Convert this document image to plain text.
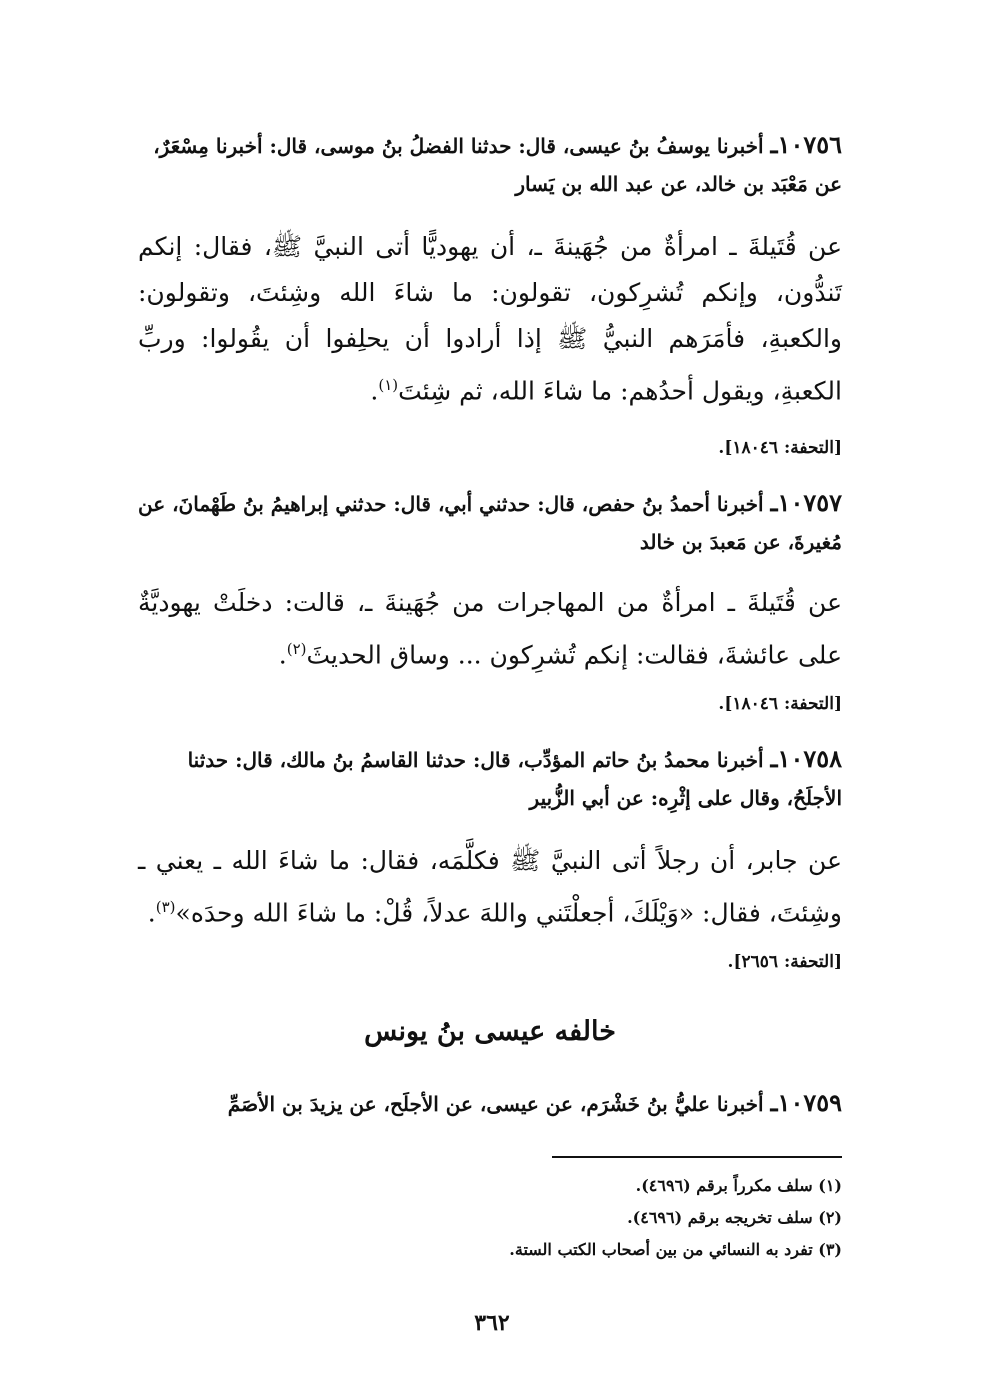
١٠٧٥٦ـ أخبرنا يوسفُ بنُ عيسى، قال: حدثنا الفضلُ بنُ موسى، قال: أخبرنا مِسْعَرٌ، عن مَعْبَد بن خالد، عن عبد الله بن يَسار
عن قُتَيلةَ ـ امرأةٌ من جُهَينةَ ـ، أن يهوديًّا أتى النبيَّ ﷺ، فقال: إنكم تَندُّون، وإنكم تُشرِكون، تقولون: ما شاءَ الله وشِئتَ، وتقولون: والكعبةِ، فأمَرَهم النبيُّ ﷺ إذا أرادوا أن يحلِفوا أن يقُولوا: وربِّ الكعبةِ، ويقول أحدُهم: ما شاءَ الله، ثم شِئتَ$^{(١)}$.
[التحفة: ١٨٠٤٦].
١٠٧٥٧ـ أخبرنا أحمدُ بنُ حفص، قال: حدثني أبي، قال: حدثني إبراهيمُ بنُ طَهْمانَ، عن مُغيرةَ، عن مَعبدَ بن خالد
عن قُتَيلةَ ـ امرأةٌ من المهاجرات من جُهَينةَ ـ، قالت: دخلَتْ يهوديَّةٌ على عائشةَ، فقالت: إنكم تُشرِكون ... وساق الحديثَ$^{(٢)}$.
[التحفة: ١٨٠٤٦].
١٠٧٥٨ـ أخبرنا محمدُ بنُ حاتم المؤدِّب، قال: حدثنا القاسمُ بنُ مالك، قال: حدثنا الأجلَحُ، وقال على إثْرِه: عن أبي الزُّبير
عن جابر، أن رجلاً أتى النبيَّ ﷺ فكلَّمَه، فقال: ما شاءَ الله ـ يعني ـ وشِئتَ، فقال: «وَيْلَكَ، أجعلْتَني واللهَ عدلاً، قُلْ: ما شاءَ الله وحدَه»$^{(٣)}$.
[التحفة: ٢٦٥٦].
خالفه عيسى بنُ يونس
١٠٧٥٩ـ أخبرنا عليُّ بنُ خَشْرَم، عن عيسى، عن الأجلَح، عن يزيدَ بن الأصَمِّ
(١) سلف مكرراً برقم (٤٦٩٦).
(٢) سلف تخريجه برقم (٤٦٩٦).
(٣) تفرد به النسائي من بين أصحاب الكتب الستة.
٣٦٢
